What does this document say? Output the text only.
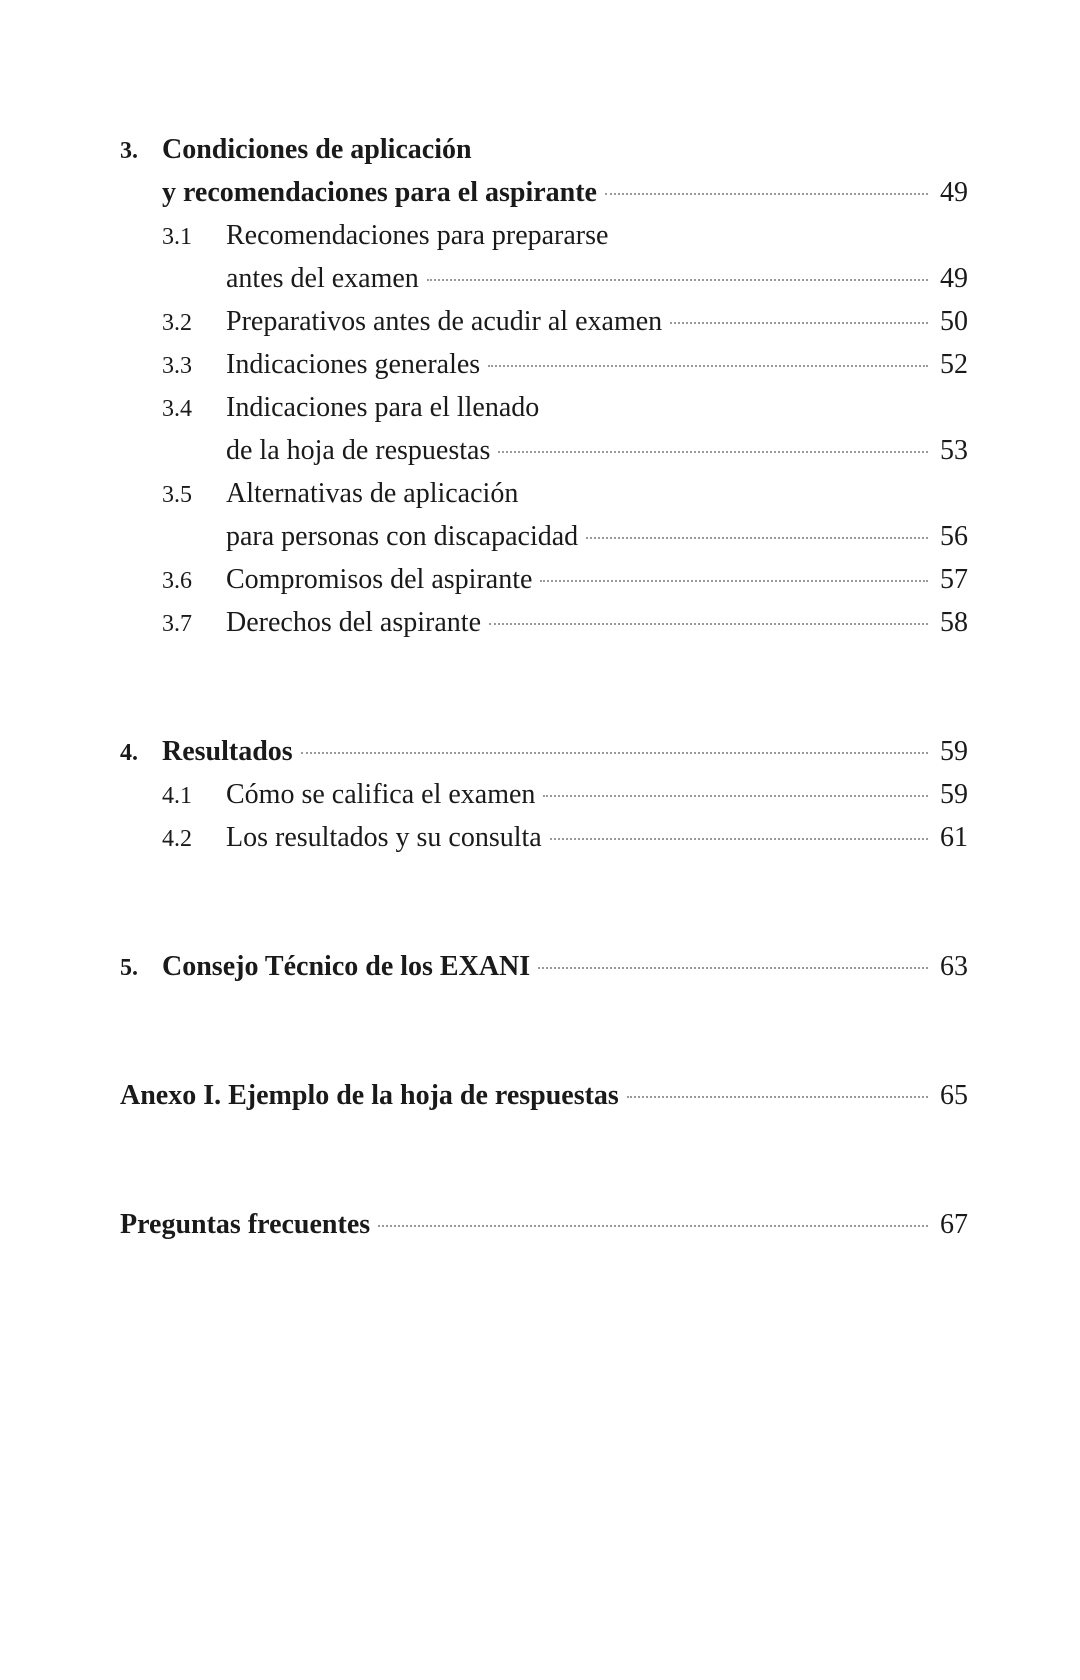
3. Condiciones de aplicación
y recomendaciones para el aspirante	49
3.1	Recomendaciones para prepararse
antes del examen	49
3.2	Preparativos antes de acudir al examen	50
3.3	Indicaciones generales	52
3.4	Indicaciones para el llenado
de la hoja de respuestas	53
3.5	Alternativas de aplicación
para personas con discapacidad	56
3.6	Compromisos del aspirante	57
3.7	Derechos del aspirante	58
4. Resultados	59
4.1	Cómo se califica el examen	59
4.2	Los resultados y su consulta	61
5. Consejo Técnico de los EXANI	63
Anexo I. Ejemplo de la hoja de respuestas	65
Preguntas frecuentes	67
